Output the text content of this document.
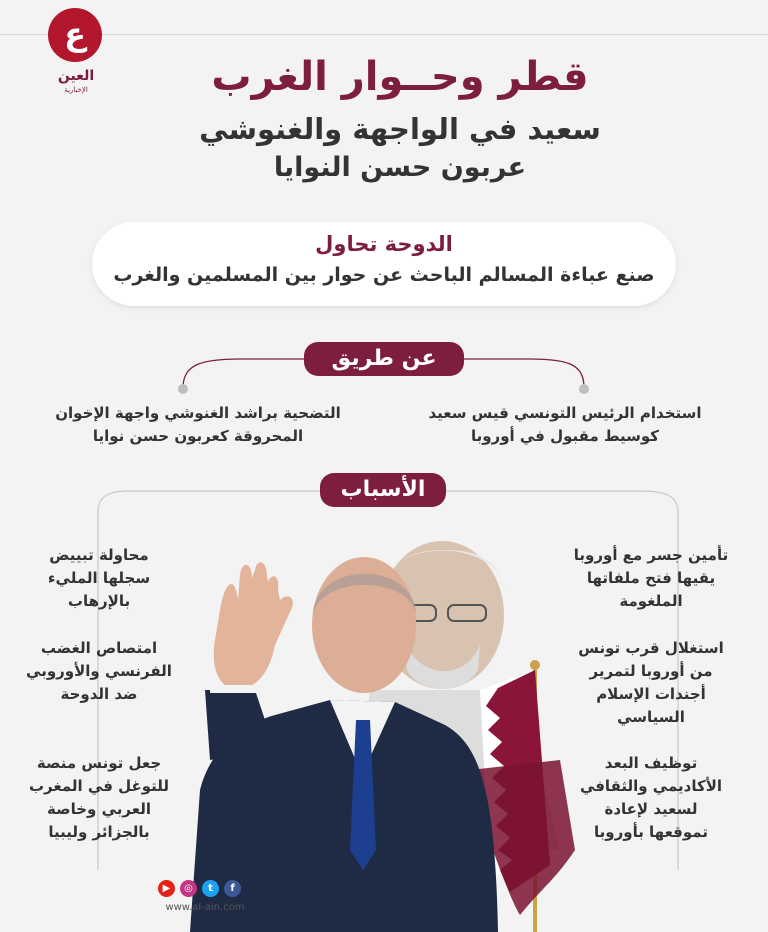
ع
العين
الإخبارية	قطر وحــوار الغرب
سعيد في الواجهة والغنوشي
عربون حسن النوايا
الدوحة تحاول
صنع عباءة المسالم الباحث عن حوار بين المسلمين والغرب
عن طريق
استخدام الرئيس التونسي قيس سعيد
كوسيط مقبول في أوروبا
التضحية براشد الغنوشي واجهة الإخوان
المحروقة كعربون حسن نوايا
الأسباب
تأمين جسر مع أوروبا
يقيها فتح ملفاتها
الملغومة
استغلال قرب تونس
من أوروبا لتمرير
أجندات الإسلام
السياسي
توظيف البعد
الأكاديمي والثقافي
لسعيد لإعادة
تموقعها بأوروبا
محاولة تبييض
سجلها المليء
بالإرهاب
امتصاص الغضب
الفرنسي والأوروبي
ضد الدوحة
جعل تونس منصة
للتوغل في المغرب
العربي وخاصة
بالجزائر وليبيا
▶	◎	t	f
www.al-ain.com
